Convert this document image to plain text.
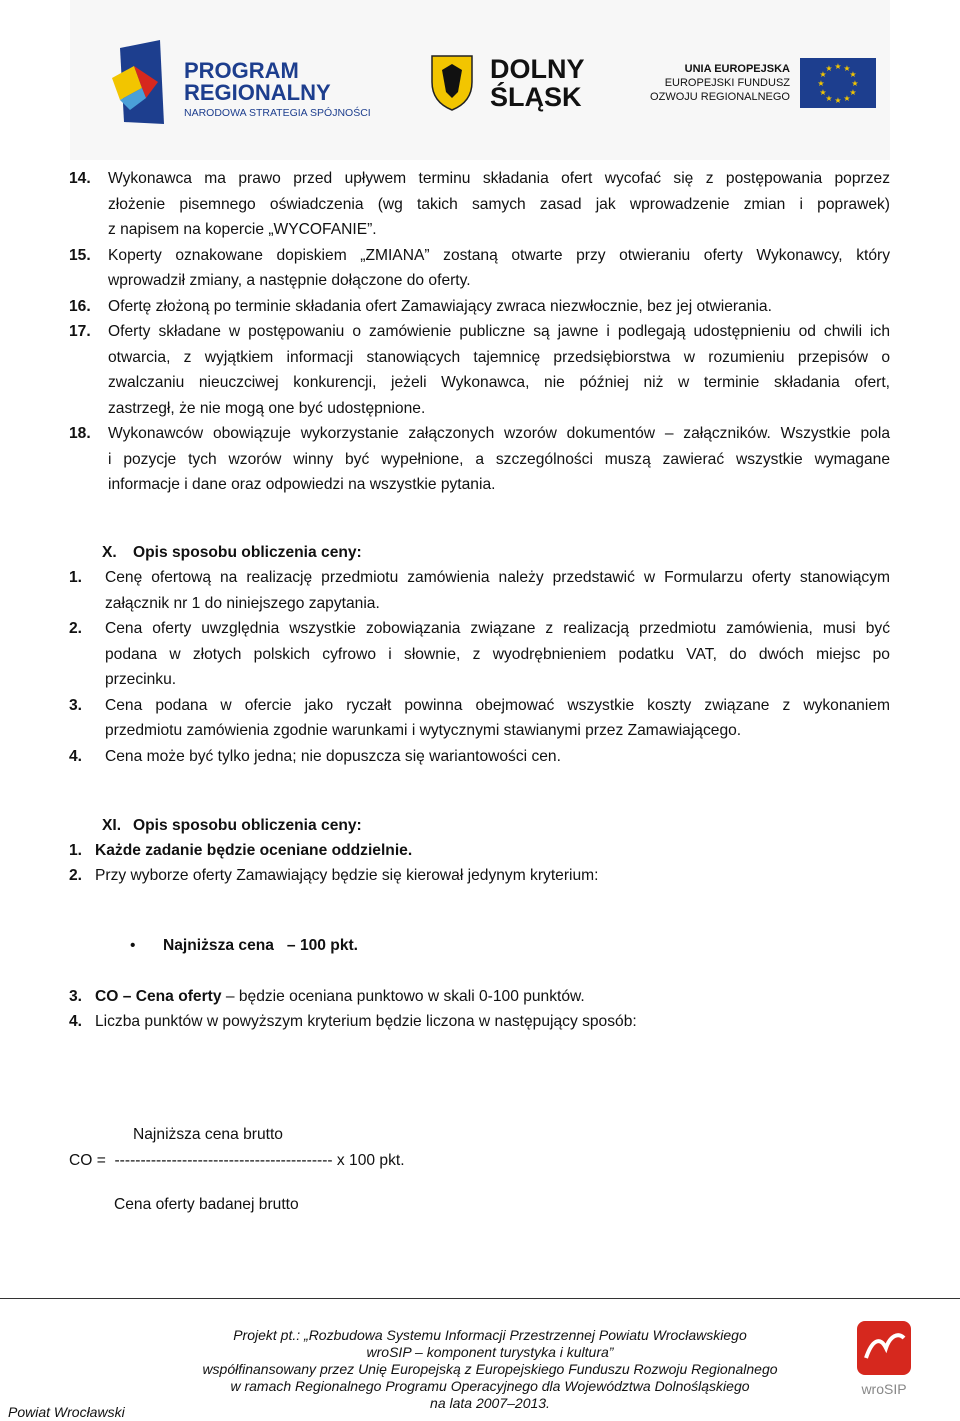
PROGRAM
REGIONALNY
NARODOWA STRATEGIA SPÓJNOŚCI
DOLNY
ŚLĄSK
UNIA EUROPEJSKA
EUROPEJSKI FUNDUSZ
ROZWOJU REGIONALNEGO
★ ★
★
★
★
★
★
★
★
★
★
★
14. Wykonawca ma prawo przed upływem terminu składania ofert wycofać się z postępowania poprzez
złożenie pisemnego oświadczenia (wg takich samych zasad jak wprowadzenie zmian i poprawek)
z napisem na kopercie „WYCOFANIE”.
15. Koperty oznakowane dopiskiem „ZMIANA” zostaną otwarte przy otwieraniu oferty Wykonawcy, który
wprowadził zmiany, a następnie dołączone do oferty.
16. Ofertę złożoną po terminie składania ofert Zamawiający zwraca niezwłocznie, bez jej otwierania.
17. Oferty składane w postępowaniu o zamówienie publiczne są jawne i podlegają udostępnieniu od chwili ich
otwarcia, z wyjątkiem informacji stanowiących tajemnicę przedsiębiorstwa w rozumieniu przepisów o
zwalczaniu nieuczciwej konkurencji, jeżeli Wykonawca, nie później niż w terminie składania ofert,
zastrzegł, że nie mogą one być udostępnione.
18. Wykonawców obowiązuje wykorzystanie załączonych wzorów dokumentów – załączników. Wszystkie pola
i pozycje tych wzorów winny być wypełnione, a szczególności muszą zawierać wszystkie wymagane
informacje i dane oraz odpowiedzi na wszystkie pytania.
X. Opis sposobu obliczenia ceny:
1. Cenę ofertową na realizację przedmiotu zamówienia należy przedstawić w Formularzu oferty stanowiącym
załącznik nr 1 do niniejszego zapytania.
2. Cena oferty uwzględnia wszystkie zobowiązania związane z realizacją przedmiotu zamówienia, musi być
podana w złotych polskich cyfrowo i słownie, z wyodrębnieniem podatku VAT, do dwóch miejsc po
przecinku.
3. Cena podana w ofercie jako ryczałt powinna obejmować wszystkie koszty związane z wykonaniem
przedmiotu zamówienia zgodnie warunkami i wytycznymi stawianymi przez Zamawiającego.
4. Cena może być tylko jedna; nie dopuszcza się wariantowości cen.
XI. Opis sposobu obliczenia ceny:
1. Każde zadanie będzie oceniane oddzielnie.
2. Przy wyborze oferty Zamawiający będzie się kierował jedynym kryterium:
• Najniższa cena   – 100 pkt.
3. CO – Cena oferty – będzie oceniana punktowo w skali 0-100 punktów.
4. Liczba punktów w powyższym kryterium będzie liczona w następujący sposób:
Najniższa cena brutto
CO =  ------------------------------------------ x 100 pkt.
Cena oferty badanej brutto
Projekt pt.: „Rozbudowa Systemu Informacji Przestrzennej Powiatu Wrocławskiego
wroSIP – komponent turystyka i kultura”
współfinansowany przez Unię Europejską z Europejskiego Funduszu Rozwoju Regionalnego
w ramach Regionalnego Programu Operacyjnego dla Województwa Dolnośląskiego
na lata 2007–2013.
Powiat Wrocławski
wroSIP
